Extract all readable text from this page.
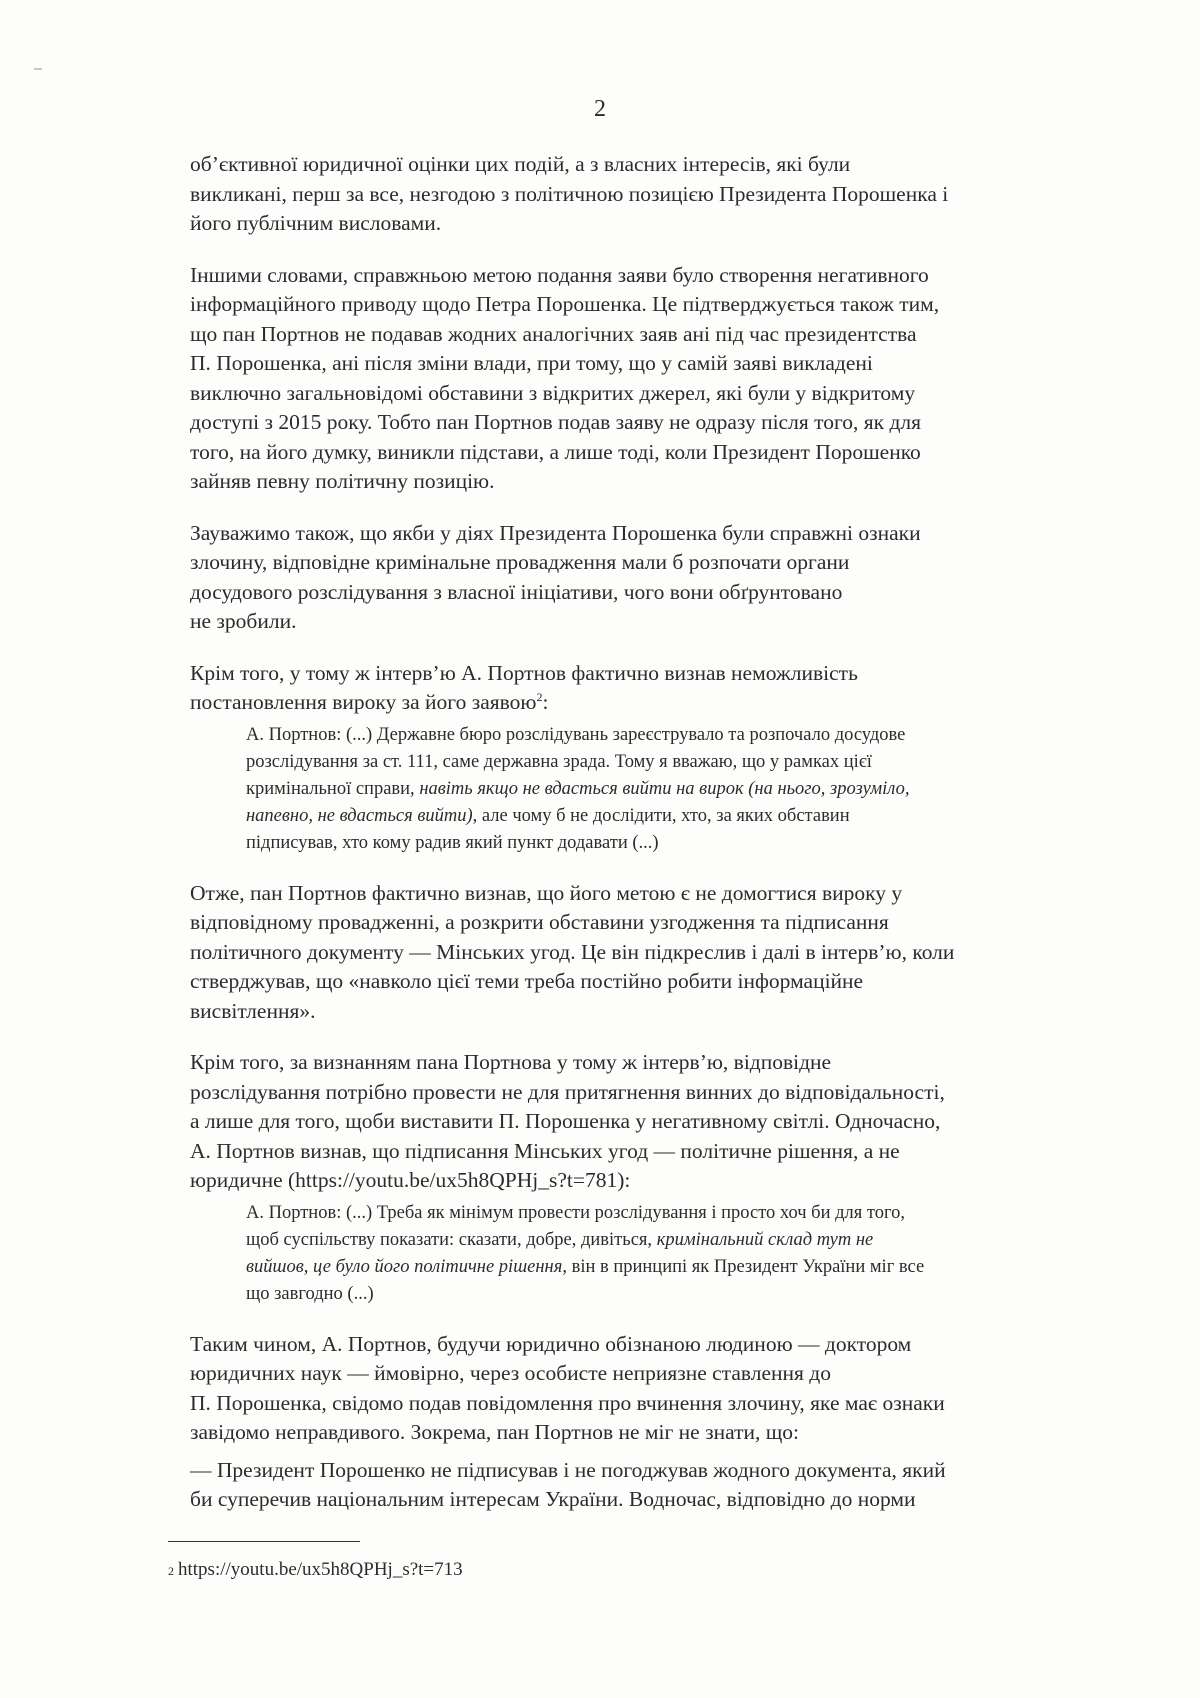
2

об’єктивної юридичної оцінки цих подій, а з власних інтересів, які були
викликані, перш за все, незгодою з політичною позицією Президента Порошенка і
його публічним висловами.

Іншими словами, справжньою метою подання заяви було створення негативного
інформаційного приводу щодо Петра Порошенка. Це підтверджується також тим,
що пан Портнов не подавав жодних аналогічних заяв ані під час президентства
П. Порошенка, ані після зміни влади, при тому, що у самій заяві викладені
виключно загальновідомі обставини з відкритих джерел, які були у відкритому
доступі з 2015 року. Тобто пан Портнов подав заяву не одразу після того, як для
того, на його думку, виникли підстави, а лише тоді, коли Президент Порошенко
зайняв певну політичну позицію.

Зауважимо також, що якби у діях Президента Порошенка були справжні ознаки
злочину, відповідне кримінальне провадження мали б розпочати органи
досудового розслідування з власної ініціативи, чого вони обґрунтовано
не зробили.

Крім того, у тому ж інтерв’ю А. Портнов фактично визнав неможливість
постановлення вироку за його заявою$^2$:

А. Портнов: (...) Державне бюро розслідувань зареєструвало та розпочало досудове
розслідування за ст. 111, саме державна зрада. Тому я вважаю, що у рамках цієї
кримінальної справи, навіть якщо не вдасться вийти на вирок (на нього, зрозуміло,
напевно, не вдасться вийти), але чому б не дослідити, хто, за яких обставин
підписував, хто кому радив який пункт додавати (...)

Отже, пан Портнов фактично визнав, що його метою є не домогтися вироку у
відповідному провадженні, а розкрити обставини узгодження та підписання
політичного документу — Мінських угод. Це він підкреслив і далі в інтерв’ю, коли
стверджував, що «навколо цієї теми треба постійно робити інформаційне
висвітлення».

Крім того, за визнанням пана Портнова у тому ж інтерв’ю, відповідне
розслідування потрібно провести не для притягнення винних до відповідальності,
а лише для того, щоби виставити П. Порошенка у негативному світлі. Одночасно,
А. Портнов визнав, що підписання Мінських угод — політичне рішення, а не
юридичне (https://youtu.be/ux5h8QPHj_s?t=781):

А. Портнов: (...) Треба як мінімум провести розслідування і просто хоч би для того,
щоб суспільству показати: сказати, добре, дивіться, кримінальний склад тут не
вийшов, це було його політичне рішення, він в принципі як Президент України міг все
що завгодно (...)

Таким чином, А. Портнов, будучи юридично обізнаною людиною — доктором
юридичних наук — ймовірно, через особисте неприязне ставлення до
П. Порошенка, свідомо подав повідомлення про вчинення злочину, яке має ознаки
завідомо неправдивого. Зокрема, пан Портнов не міг не знати, що:

— Президент Порошенко не підписував і не погоджував жодного документа, який
би суперечив національним інтересам України. Водночас, відповідно до норми

2 https://youtu.be/ux5h8QPHj_s?t=713
